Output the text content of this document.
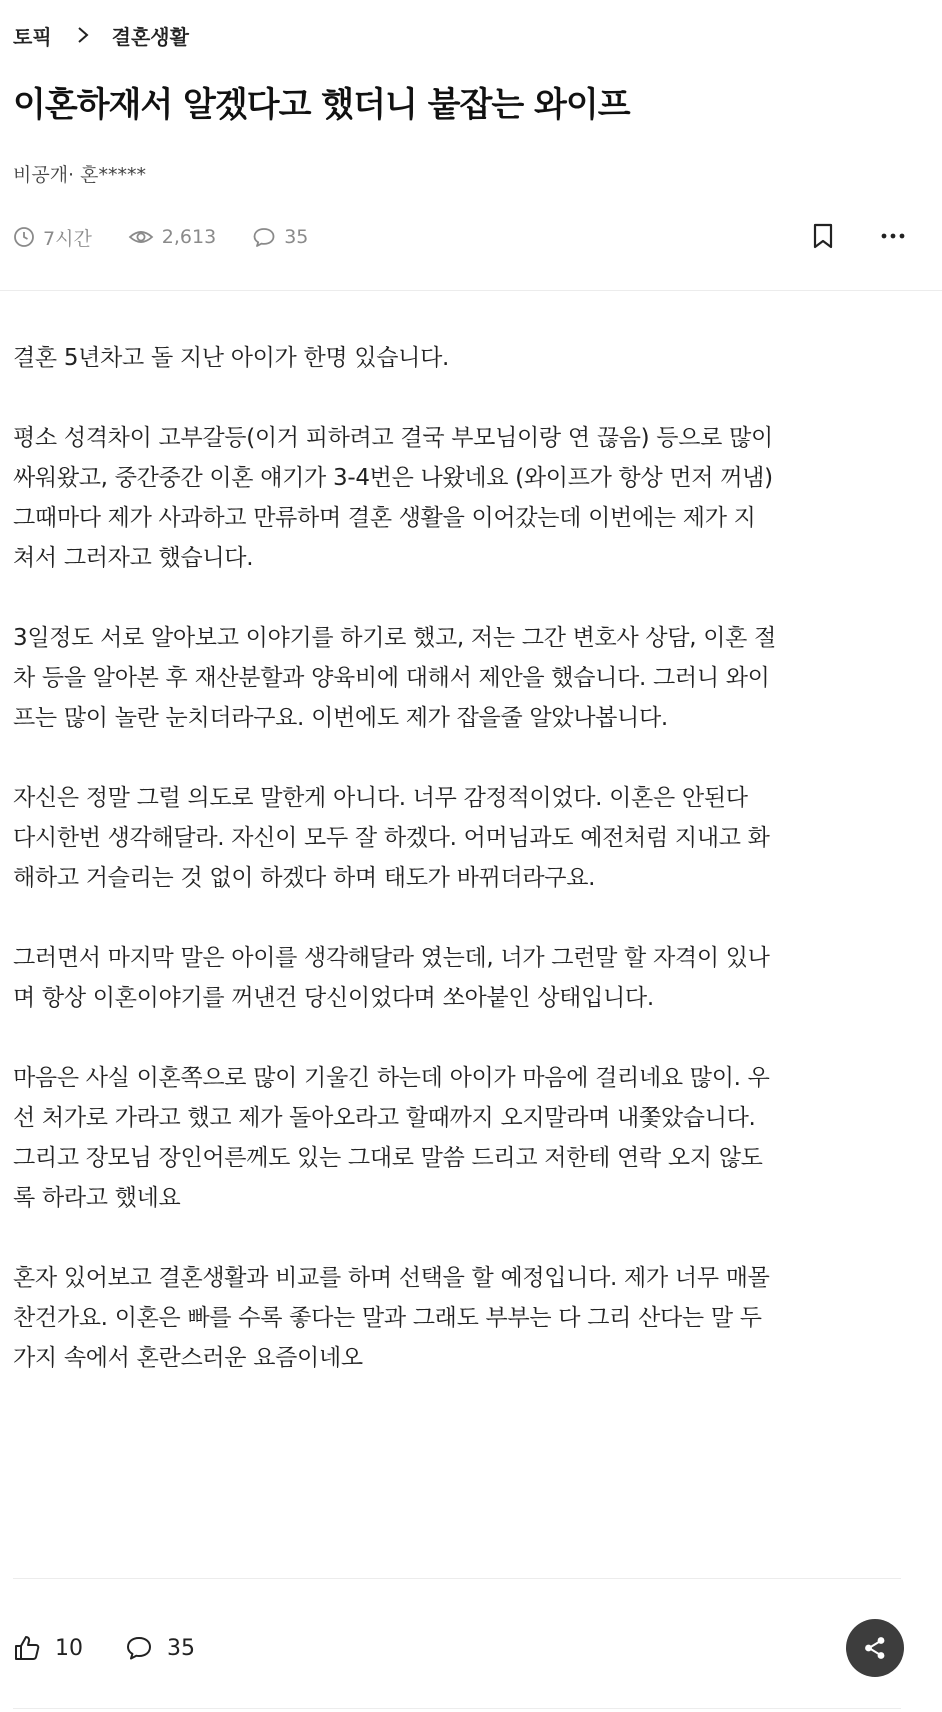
토픽	결혼생활
이혼하재서 알겠다고 했더니 붙잡는 와이프
비공개· 혼*****
7시간	2,613	35

결혼 5년차고 돌 지난 아이가 한명 있습니다.

평소 성격차이 고부갈등(이거 피하려고 결국 부모님이랑 연 끊음) 등으로 많이
싸워왔고, 중간중간 이혼 얘기가 3-4번은 나왔네요 (와이프가 항상 먼저 꺼냄)
그때마다 제가 사과하고 만류하며 결혼 생활을 이어갔는데 이번에는 제가 지
쳐서 그러자고 했습니다.

3일정도 서로 알아보고 이야기를 하기로 했고, 저는 그간 변호사 상담, 이혼 절
차 등을 알아본 후 재산분할과 양육비에 대해서 제안을 했습니다. 그러니 와이
프는 많이 놀란 눈치더라구요. 이번에도 제가 잡을줄 알았나봅니다.

자신은 정말 그럴 의도로 말한게 아니다. 너무 감정적이었다. 이혼은 안된다
다시한번 생각해달라. 자신이 모두 잘 하겠다. 어머님과도 예전처럼 지내고 화
해하고 거슬리는 것 없이 하겠다 하며 태도가 바뀌더라구요.

그러면서 마지막 말은 아이를 생각해달라 였는데, 너가 그런말 할 자격이 있나
며 항상 이혼이야기를 꺼낸건 당신이었다며 쏘아붙인 상태입니다.

마음은 사실 이혼쪽으로 많이 기울긴 하는데 아이가 마음에 걸리네요 많이. 우
선 처가로 가라고 했고 제가 돌아오라고 할때까지 오지말라며 내쫓았습니다.
그리고 장모님 장인어른께도 있는 그대로 말씀 드리고 저한테 연락 오지 않도
록 하라고 했네요

혼자 있어보고 결혼생활과 비교를 하며 선택을 할 예정입니다. 제가 너무 매몰
찬건가요. 이혼은 빠를 수록 좋다는 말과 그래도 부부는 다 그리 산다는 말 두
가지 속에서 혼란스러운 요즘이네오

10	35
